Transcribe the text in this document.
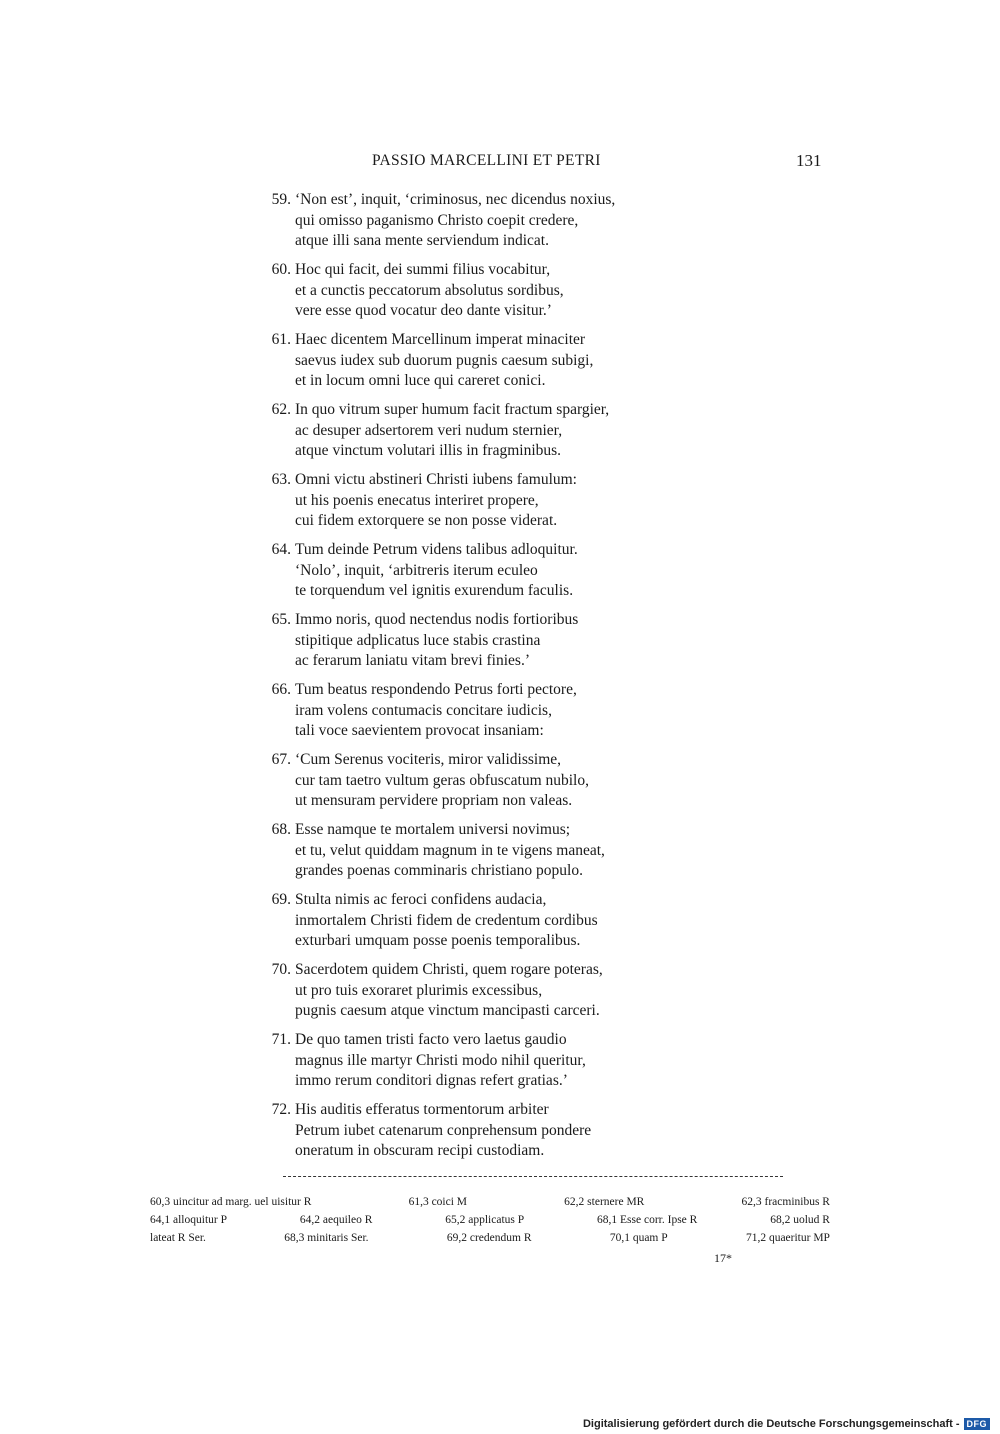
PASSIO MARCELLINI ET PETRI	131
59. ‘Non est’, inquit, ‘criminosus, nec dicendus noxius,
qui omisso paganismo Christo coepit credere,
atque illi sana mente serviendum indicat.
60. Hoc qui facit, dei summi filius vocabitur,
et a cunctis peccatorum absolutus sordibus,
vere esse quod vocatur deo dante visitur.’
61. Haec dicentem Marcellinum imperat minaciter
saevus iudex sub duorum pugnis caesum subigi,
et in locum omni luce qui careret conici.
62. In quo vitrum super humum facit fractum spargier,
ac desuper adsertorem veri nudum sternier,
atque vinctum volutari illis in fragminibus.
63. Omni victu abstineri Christi iubens famulum:
ut his poenis enecatus interiret propere,
cui fidem extorquere se non posse viderat.
64. Tum deinde Petrum videns talibus adloquitur.
‘Nolo’, inquit, ‘arbitreris iterum eculeo
te torquendum vel ignitis exurendum faculis.
65. Immo noris, quod nectendus nodis fortioribus
stipitique adplicatus luce stabis crastina
ac ferarum laniatu vitam brevi finies.’
66. Tum beatus respondendo Petrus forti pectore,
iram volens contumacis concitare iudicis,
tali voce saevientem provocat insaniam:
67. ‘Cum Serenus vociteris, miror validissime,
cur tam taetro vultum geras obfuscatum nubilo,
ut mensuram pervidere propriam non valeas.
68. Esse namque te mortalem universi novimus;
et tu, velut quiddam magnum in te vigens maneat,
grandes poenas comminaris christiano populo.
69. Stulta nimis ac feroci confidens audacia,
inmortalem Christi fidem de credentum cordibus
exturbari umquam posse poenis temporalibus.
70. Sacerdotem quidem Christi, quem rogare poteras,
ut pro tuis exoraret plurimis excessibus,
pugnis caesum atque vinctum mancipasti carceri.
71. De quo tamen tristi facto vero laetus gaudio
magnus ille martyr Christi modo nihil queritur,
immo rerum conditori dignas refert gratias.’
72. His auditis efferatus tormentorum arbiter
Petrum iubet catenarum conprehensum pondere
oneratum in obscuram recipi custodiam.
60,3 uincitur ad marg. uel uisitur R	61,3 coici M	62,2 sternere MR	62,3 fracminibus R
64,1 alloquitur P	64,2 aequileo R	65,2 applicatus P	68,1 Esse corr. Ipse R	68,2 uolud R
lateat R Ser.	68,3 minitaris Ser.	69,2 credendum R	70,1 quam P	71,2 quaeritur MP
17*
Digitalisierung gefördert durch die Deutsche Forschungsgemeinschaft - DFG
